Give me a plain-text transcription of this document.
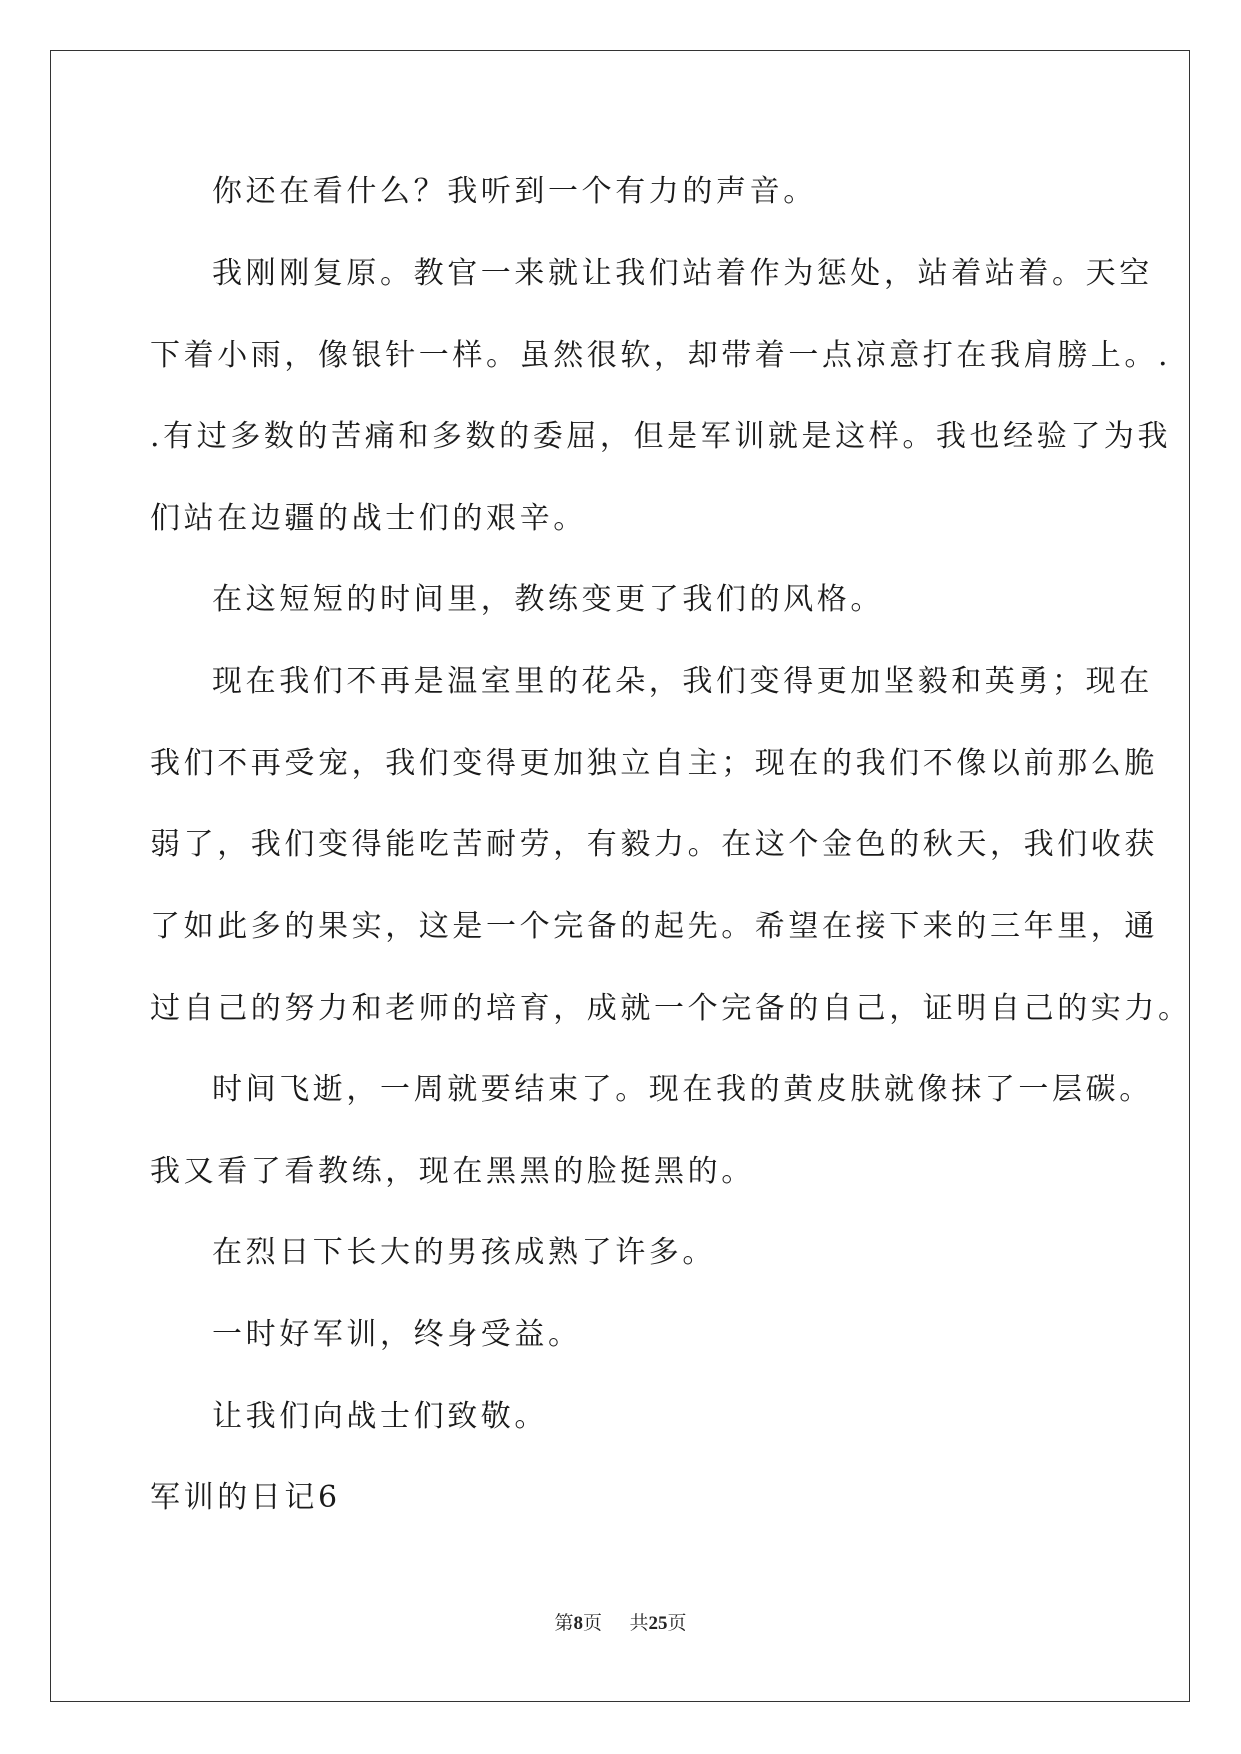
你还在看什么？我听到一个有力的声音。
我刚刚复原。教官一来就让我们站着作为惩处，站着站着。天空
下着小雨，像银针一样。虽然很软，却带着一点凉意打在我肩膀上。.
.有过多数的苦痛和多数的委屈，但是军训就是这样。我也经验了为我
们站在边疆的战士们的艰辛。
在这短短的时间里，教练变更了我们的风格。
现在我们不再是温室里的花朵，我们变得更加坚毅和英勇；现在
我们不再受宠，我们变得更加独立自主；现在的我们不像以前那么脆
弱了，我们变得能吃苦耐劳，有毅力。在这个金色的秋天，我们收获
了如此多的果实，这是一个完备的起先。希望在接下来的三年里，通
过自己的努力和老师的培育，成就一个完备的自己，证明自己的实力。
时间飞逝，一周就要结束了。现在我的黄皮肤就像抹了一层碳。
我又看了看教练，现在黑黑的脸挺黑的。
在烈日下长大的男孩成熟了许多。
一时好军训，终身受益。
让我们向战士们致敬。
军训的日记6
第8页 共25页
